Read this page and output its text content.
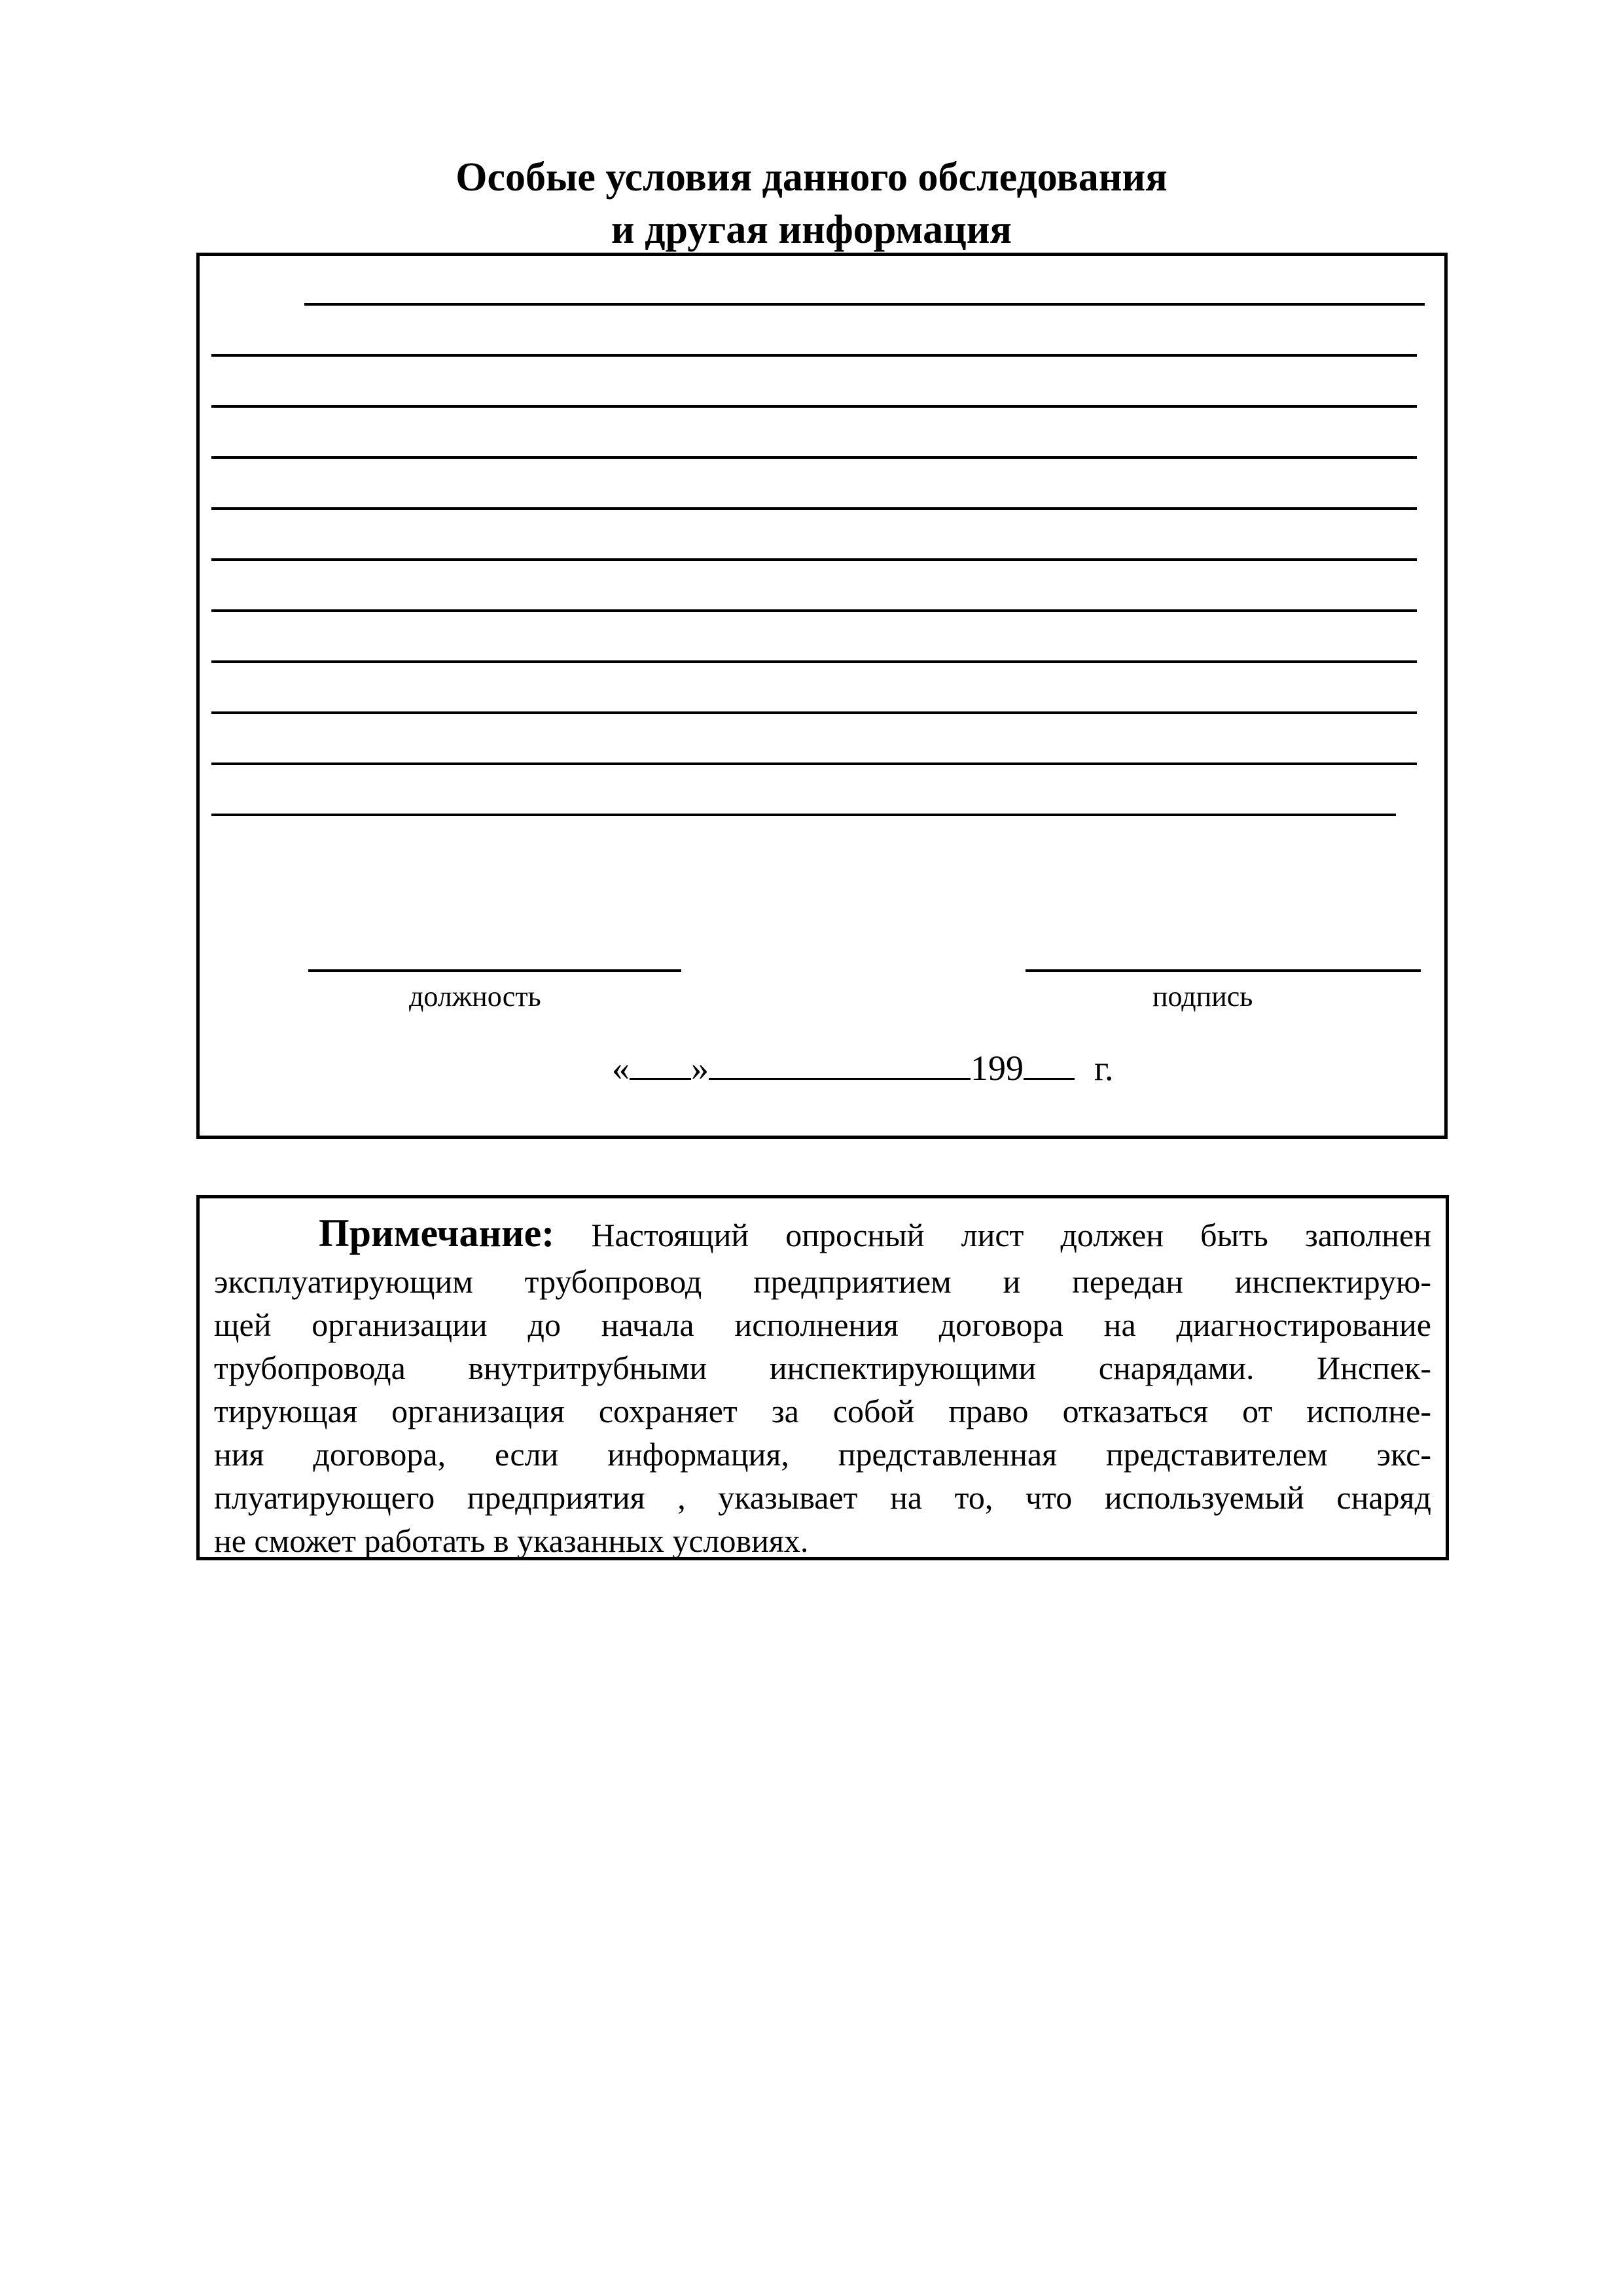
Особые условия данного обследования
и другая информация
должность	подпись
« »	199 г.
Примечание: Настоящий опросный лист должен быть заполнен
эксплуатирующим трубопровод предприятием и передан инспектирую-
щей организации до начала исполнения договора на диагностирование
трубопровода внутритрубными инспектирующими снарядами. Инспек-
тирующая организация сохраняет за собой право отказаться от исполне-
ния договора, если информация, представленная представителем экс-
плуатирующего предприятия , указывает на то, что используемый снаряд
не сможет работать в указанных условиях.
